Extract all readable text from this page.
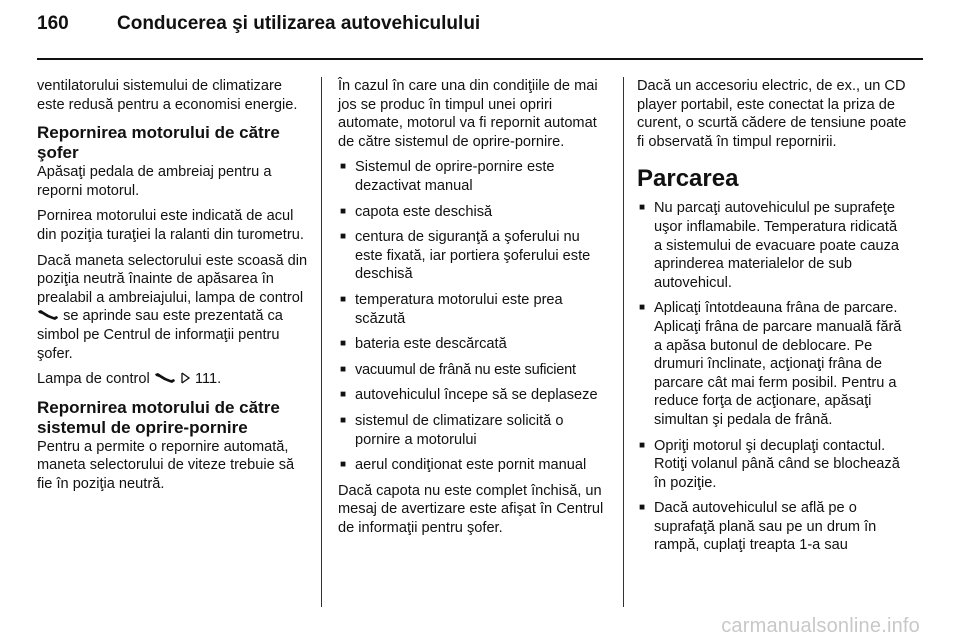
160	Conducerea şi utilizarea autovehiculului

ventilatorului sistemului de climatizare este redusă pentru a economisi energie.

Repornirea motorului de către şofer

Apăsaţi pedala de ambreiaj pentru a reporni motorul.

Pornirea motorului este indicată de acul din poziţia turaţiei la ralanti din turometru.

Dacă maneta selectorului este scoasă din poziţia neutră înainte de apăsarea în prealabil a ambreiajului, lampa de control  se aprinde sau este prezentată ca simbol pe Centrul de informaţii pentru şofer.

Lampa de control	111.

Repornirea motorului de către sistemul de oprire-pornire

Pentru a permite o repornire automată, maneta selectorului de viteze trebuie să fie în poziţia neutră.

În cazul în care una din condiţiile de mai jos se produc în timpul unei opriri automate, motorul va fi repornit automat de către sistemul de oprire-pornire.

■ Sistemul de oprire-pornire este dezactivat manual
■ capota este deschisă
■ centura de siguranţă a şoferului nu este fixată, iar portiera şoferului este deschisă
■ temperatura motorului este prea scăzută
■ bateria este descărcată
■ vacuumul de frână nu este suficient
■ autovehiculul începe să se deplaseze
■ sistemul de climatizare solicită o pornire a motorului
■ aerul condiţionat este pornit manual

Dacă capota nu este complet închisă, un mesaj de avertizare este afişat în Centrul de informaţii pentru şofer.

Dacă un accesoriu electric, de ex., un CD player portabil, este conectat la priza de curent, o scurtă cădere de tensiune poate fi observată în timpul repornirii.

Parcarea
■ Nu parcaţi autovehiculul pe suprafeţe uşor inflamabile. Temperatura ridicată a sistemului de evacuare poate cauza aprinderea materialelor de sub autovehicul.
■ Aplicaţi întotdeauna frâna de parcare. Aplicaţi frâna de parcare manuală fără a apăsa butonul de deblocare. Pe drumuri înclinate, acţionaţi frâna de parcare cât mai ferm posibil. Pentru a reduce forţa de acţionare, apăsaţi simultan şi pedala de frână.
■ Opriţi motorul şi decuplaţi contactul. Rotiţi volanul până când se blochează în poziţie.
■ Dacă autovehiculul se află pe o suprafaţă plană sau pe un drum în rampă, cuplaţi treapta 1-a sau
carmanualsonline.info
